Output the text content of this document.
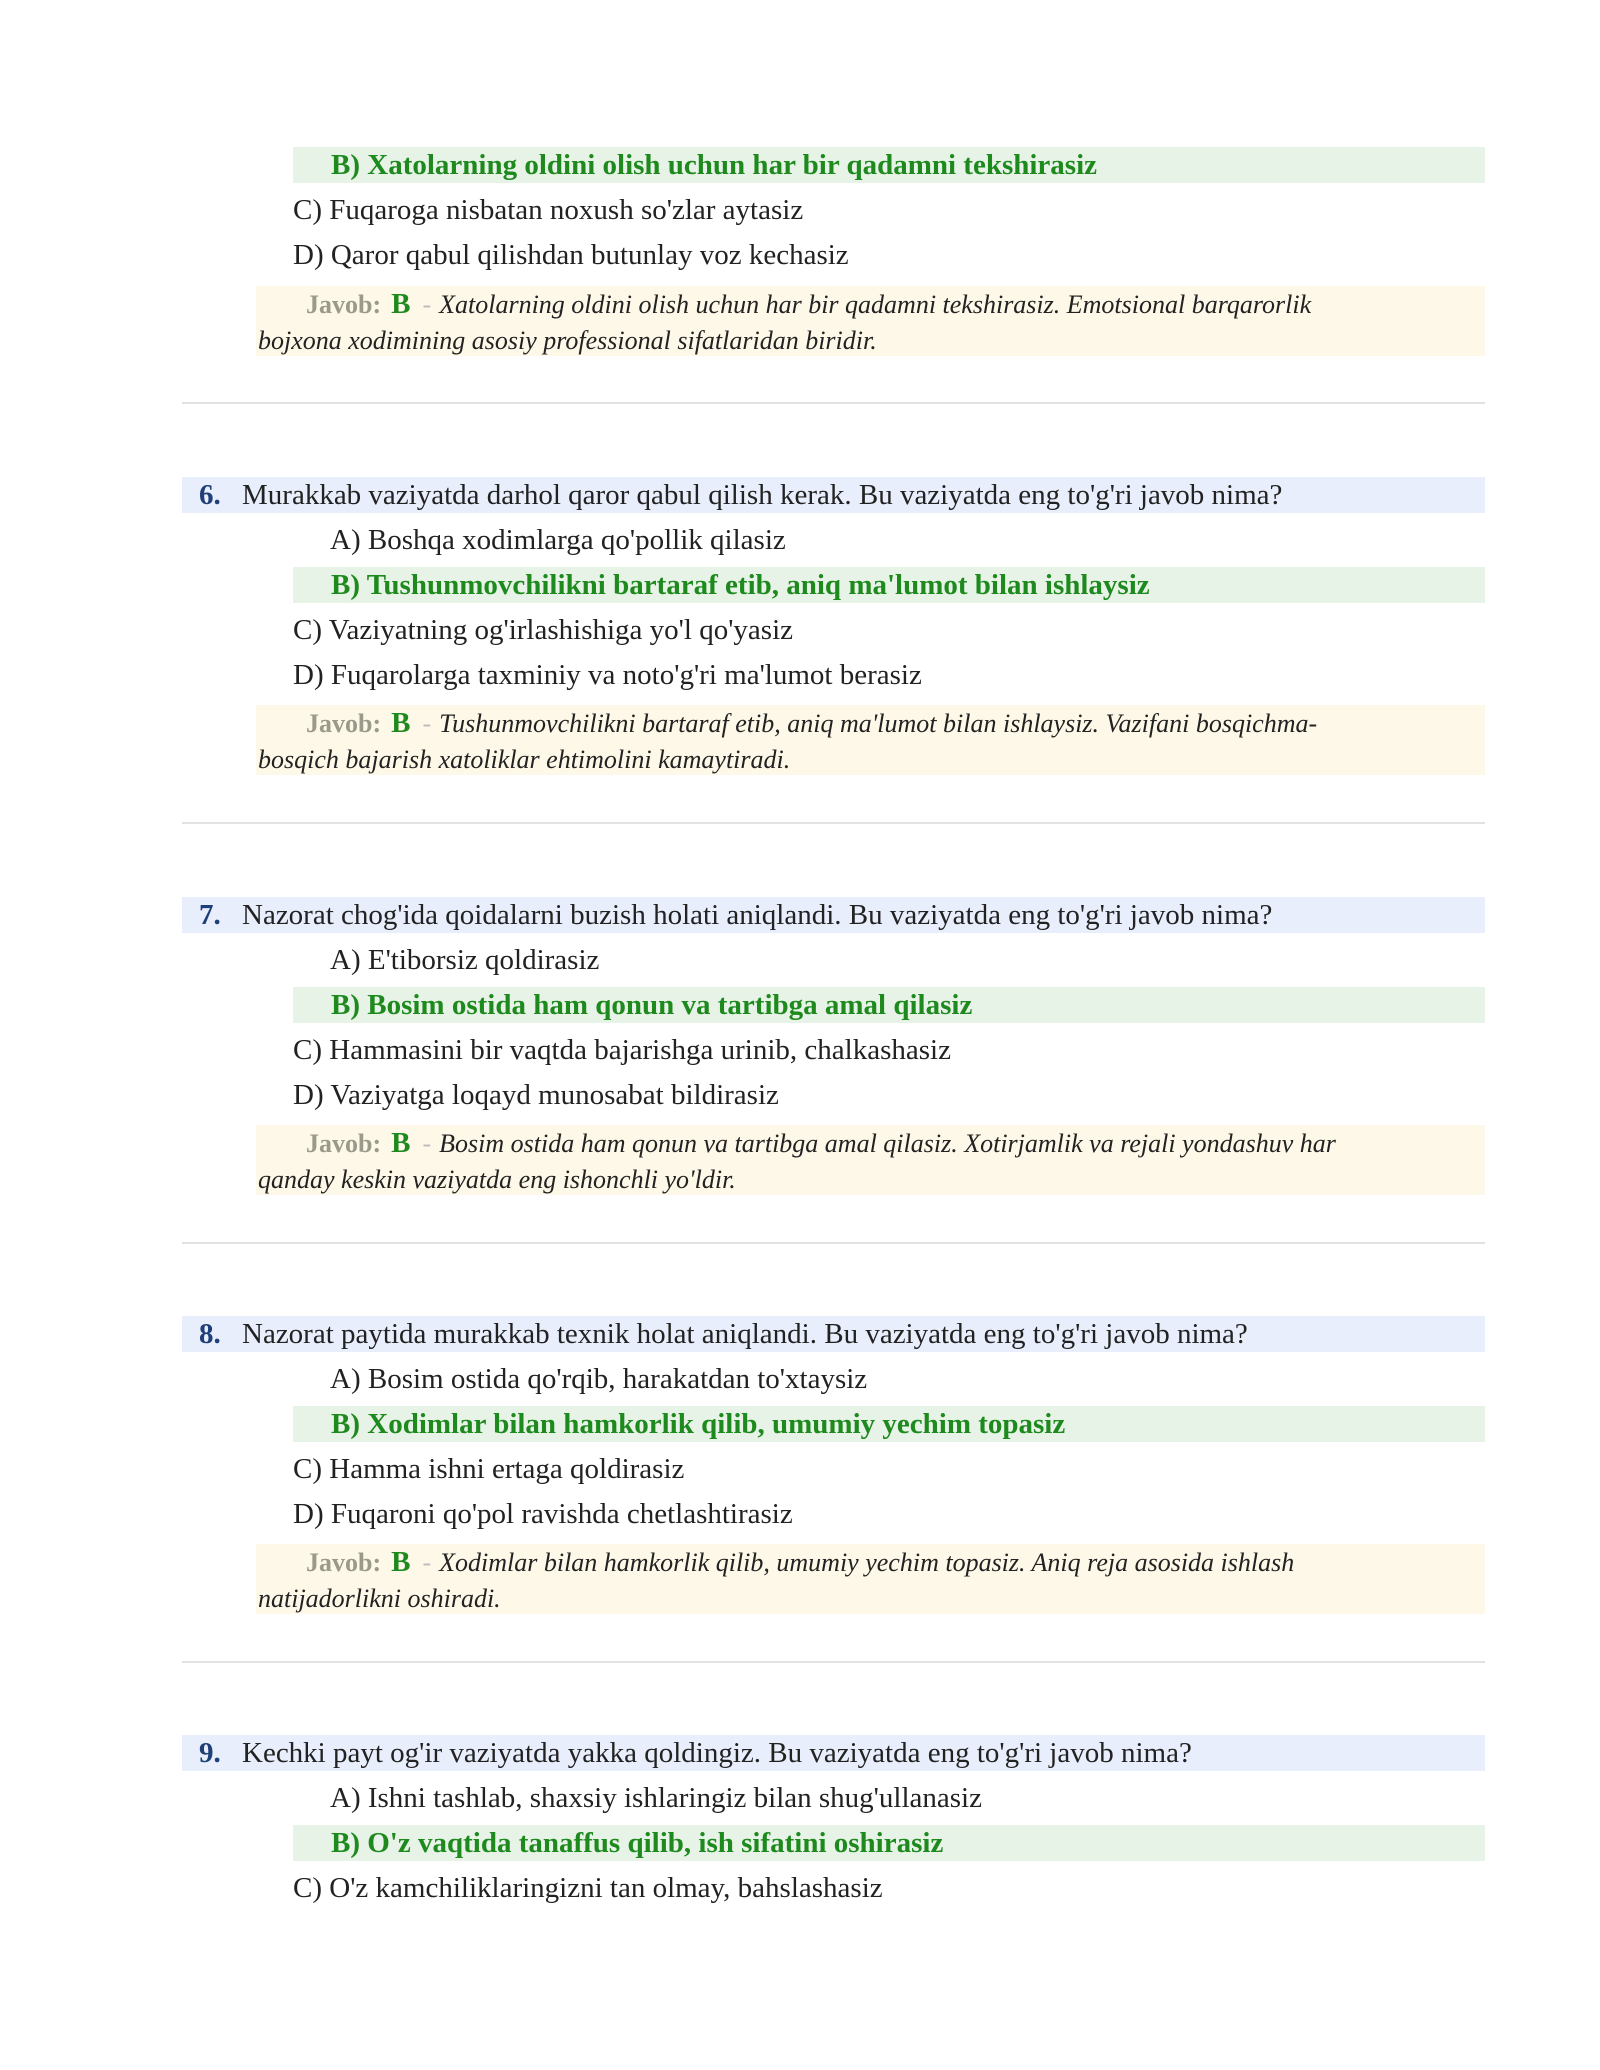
B) Xatolarning oldini olish uchun har bir qadamni tekshirasiz
C) Fuqaroga nisbatan noxush so'zlar aytasiz
D) Qaror qabul qilishdan butunlay voz kechasiz
Javob: B - Xatolarning oldini olish uchun har bir qadamni tekshirasiz. Emotsional barqarorlik
bojxona xodimining asosiy professional sifatlaridan biridir.
6. Murakkab vaziyatda darhol qaror qabul qilish kerak. Bu vaziyatda eng to'g'ri javob nima?
A) Boshqa xodimlarga qo'pollik qilasiz
B) Tushunmovchilikni bartaraf etib, aniq ma'lumot bilan ishlaysiz
C) Vaziyatning og'irlashishiga yo'l qo'yasiz
D) Fuqarolarga taxminiy va noto'g'ri ma'lumot berasiz
Javob: B - Tushunmovchilikni bartaraf etib, aniq ma'lumot bilan ishlaysiz. Vazifani bosqichma-
bosqich bajarish xatoliklar ehtimolini kamaytiradi.
7. Nazorat chog'ida qoidalarni buzish holati aniqlandi. Bu vaziyatda eng to'g'ri javob nima?
A) E'tiborsiz qoldirasiz
B) Bosim ostida ham qonun va tartibga amal qilasiz
C) Hammasini bir vaqtda bajarishga urinib, chalkashasiz
D) Vaziyatga loqayd munosabat bildirasiz
Javob: B - Bosim ostida ham qonun va tartibga amal qilasiz. Xotirjamlik va rejali yondashuv har
qanday keskin vaziyatda eng ishonchli yo'ldir.
8. Nazorat paytida murakkab texnik holat aniqlandi. Bu vaziyatda eng to'g'ri javob nima?
A) Bosim ostida qo'rqib, harakatdan to'xtaysiz
B) Xodimlar bilan hamkorlik qilib, umumiy yechim topasiz
C) Hamma ishni ertaga qoldirasiz
D) Fuqaroni qo'pol ravishda chetlashtirasiz
Javob: B - Xodimlar bilan hamkorlik qilib, umumiy yechim topasiz. Aniq reja asosida ishlash
natijadorlikni oshiradi.
9. Kechki payt og'ir vaziyatda yakka qoldingiz. Bu vaziyatda eng to'g'ri javob nima?
A) Ishni tashlab, shaxsiy ishlaringiz bilan shug'ullanasiz
B) O'z vaqtida tanaffus qilib, ish sifatini oshirasiz
C) O'z kamchiliklaringizni tan olmay, bahslashasiz
